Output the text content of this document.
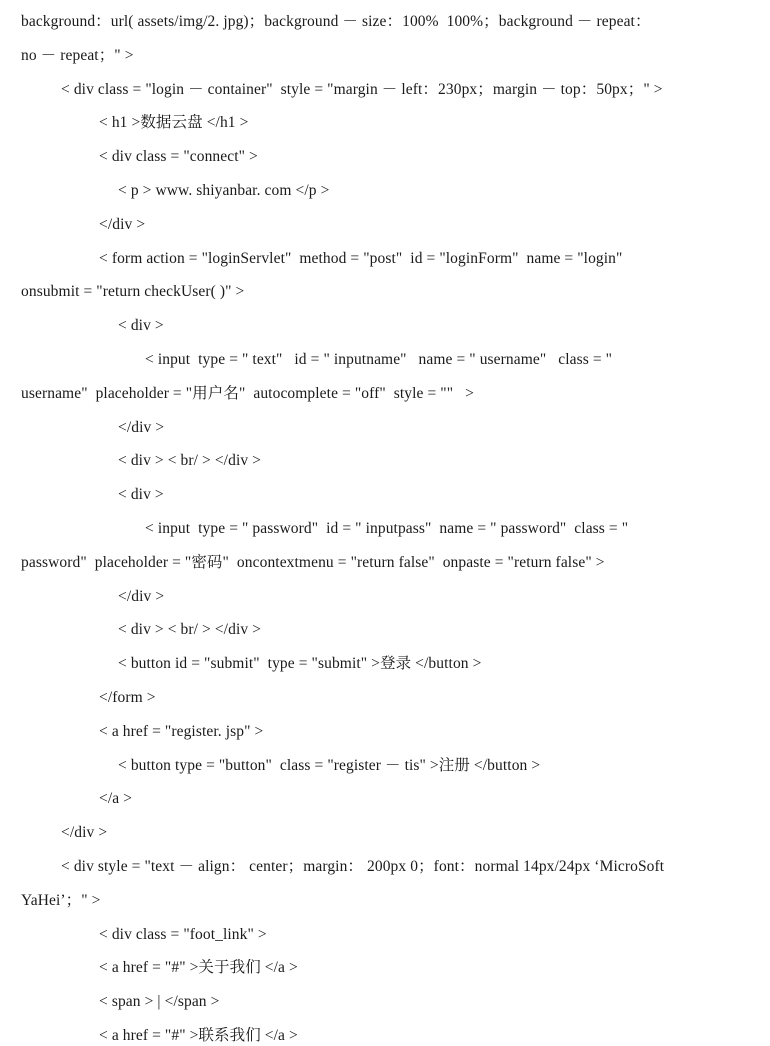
background：url( assets/img/2. jpg)；background － size：100%  100%；background － repeat：
no － repeat；" >
< div class = "login － container"  style = "margin － left：230px；margin － top：50px；" >
< h1 >数据云盘 </h1 >
< div class = "connect" >
< p > www. shiyanbar. com </p >
</div >
< form action = "loginServlet"  method = "post"  id = "loginForm"  name = "login"
onsubmit = "return checkUser( )" >
< div >
< input  type = " text"   id = " inputname"   name = " username"   class = "
username"  placeholder = "用户名"  autocomplete = "off"  style = ""   >
</div >
< div > < br/ > </div >
< div >
< input  type = " password"  id = " inputpass"  name = " password"  class = "
password"  placeholder = "密码"  oncontextmenu = "return false"  onpaste = "return false" >
</div >
< div > < br/ > </div >
< button id = "submit"  type = "submit" >登录 </button >
</form >
< a href = "register. jsp" >
< button type = "button"  class = "register － tis" >注册 </button >
</a >
</div >
< div style = "text － align： center；margin： 200px 0；font：normal 14px/24px ‘MicroSoft
YaHei’；" >
< div class = "foot_link" >
< a href = "#" >关于我们 </a >
< span > | </span >
< a href = "#" >联系我们 </a >
